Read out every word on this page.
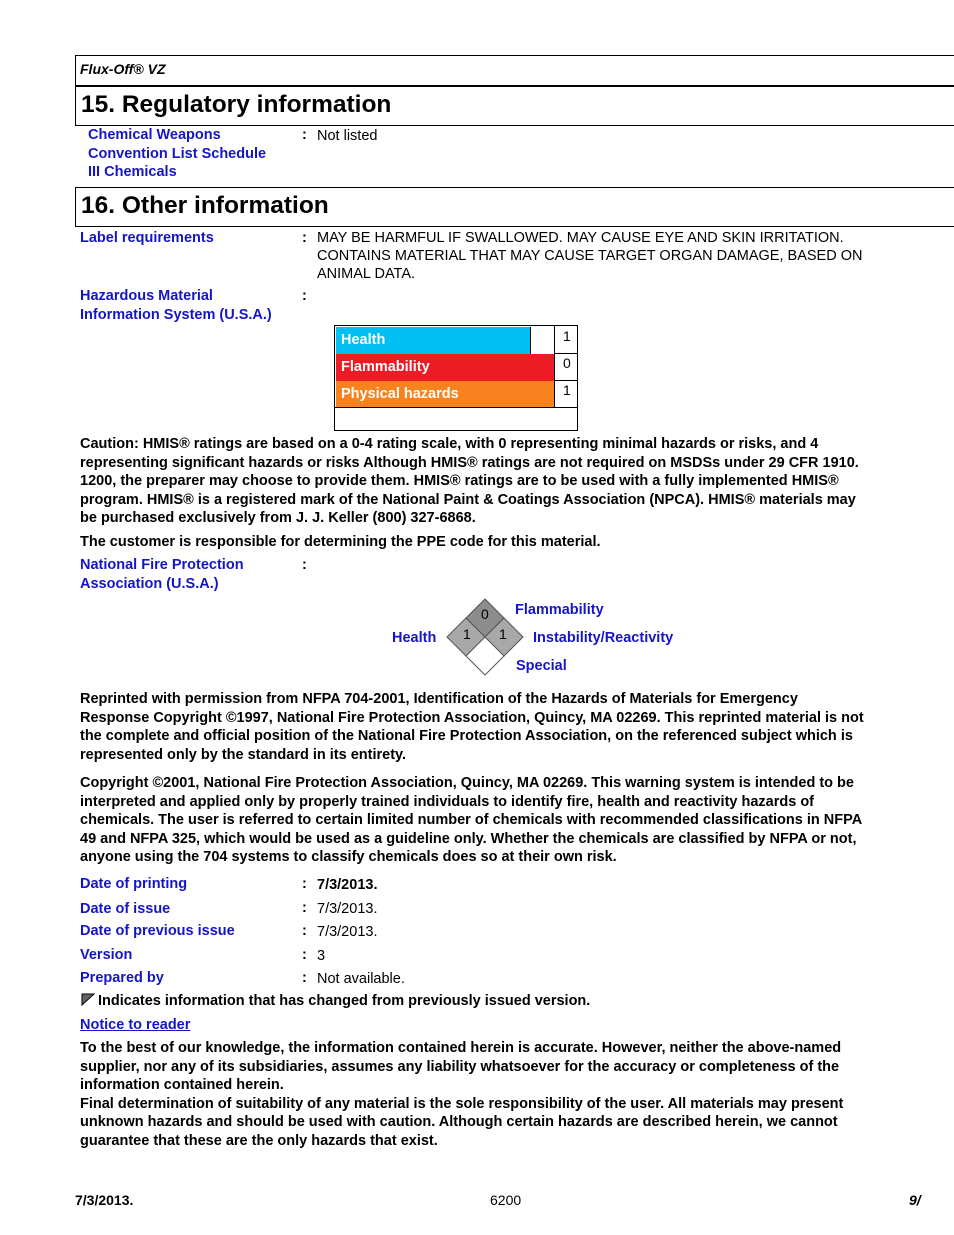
Flux-Off® VZ
15. Regulatory information
Chemical Weapons
Convention List Schedule
III Chemicals
: Not listed
16. Other information
Label requirements	: MAY BE HARMFUL IF SWALLOWED. MAY CAUSE EYE AND SKIN IRRITATION.
CONTAINS MATERIAL THAT MAY CAUSE TARGET ORGAN DAMAGE, BASED ON
ANIMAL DATA.
Hazardous Material
Information System (U.S.A.)
:
Health	1
Flammability	0
Physical hazards	1
Caution: HMIS® ratings are based on a 0-4 rating scale, with 0 representing minimal hazards or risks, and 4
representing significant hazards or risks Although HMIS® ratings are not required on MSDSs under 29 CFR 1910.
1200, the preparer may choose to provide them. HMIS® ratings are to be used with a fully implemented HMIS®
program. HMIS® is a registered mark of the National Paint & Coatings Association (NPCA). HMIS® materials may
be purchased exclusively from J. J. Keller (800) 327-6868.
The customer is responsible for determining the PPE code for this material.
National Fire Protection
Association (U.S.A.)
:
0
1 1
Flammability
Health	Instability/Reactivity
Special
Reprinted with permission from NFPA 704-2001, Identification of the Hazards of Materials for Emergency
Response Copyright ©1997, National Fire Protection Association, Quincy, MA 02269. This reprinted material is not
the complete and official position of the National Fire Protection Association, on the referenced subject which is
represented only by the standard in its entirety.
Copyright ©2001, National Fire Protection Association, Quincy, MA 02269. This warning system is intended to be
interpreted and applied only by properly trained individuals to identify fire, health and reactivity hazards of
chemicals. The user is referred to certain limited number of chemicals with recommended classifications in NFPA
49 and NFPA 325, which would be used as a guideline only. Whether the chemicals are classified by NFPA or not,
anyone using the 704 systems to classify chemicals does so at their own risk.
Date of printing	: 7/3/2013.
Date of issue	: 7/3/2013.
Date of previous issue	: 7/3/2013.
Version	: 3
Prepared by	: Not available.
Indicates information that has changed from previously issued version.
Notice to reader
To the best of our knowledge, the information contained herein is accurate. However, neither the above-named
supplier, nor any of its subsidiaries, assumes any liability whatsoever for the accuracy or completeness of the
information contained herein.
Final determination of suitability of any material is the sole responsibility of the user. All materials may present
unknown hazards and should be used with caution. Although certain hazards are described herein, we cannot
guarantee that these are the only hazards that exist.
7/3/2013.	6200	9/
